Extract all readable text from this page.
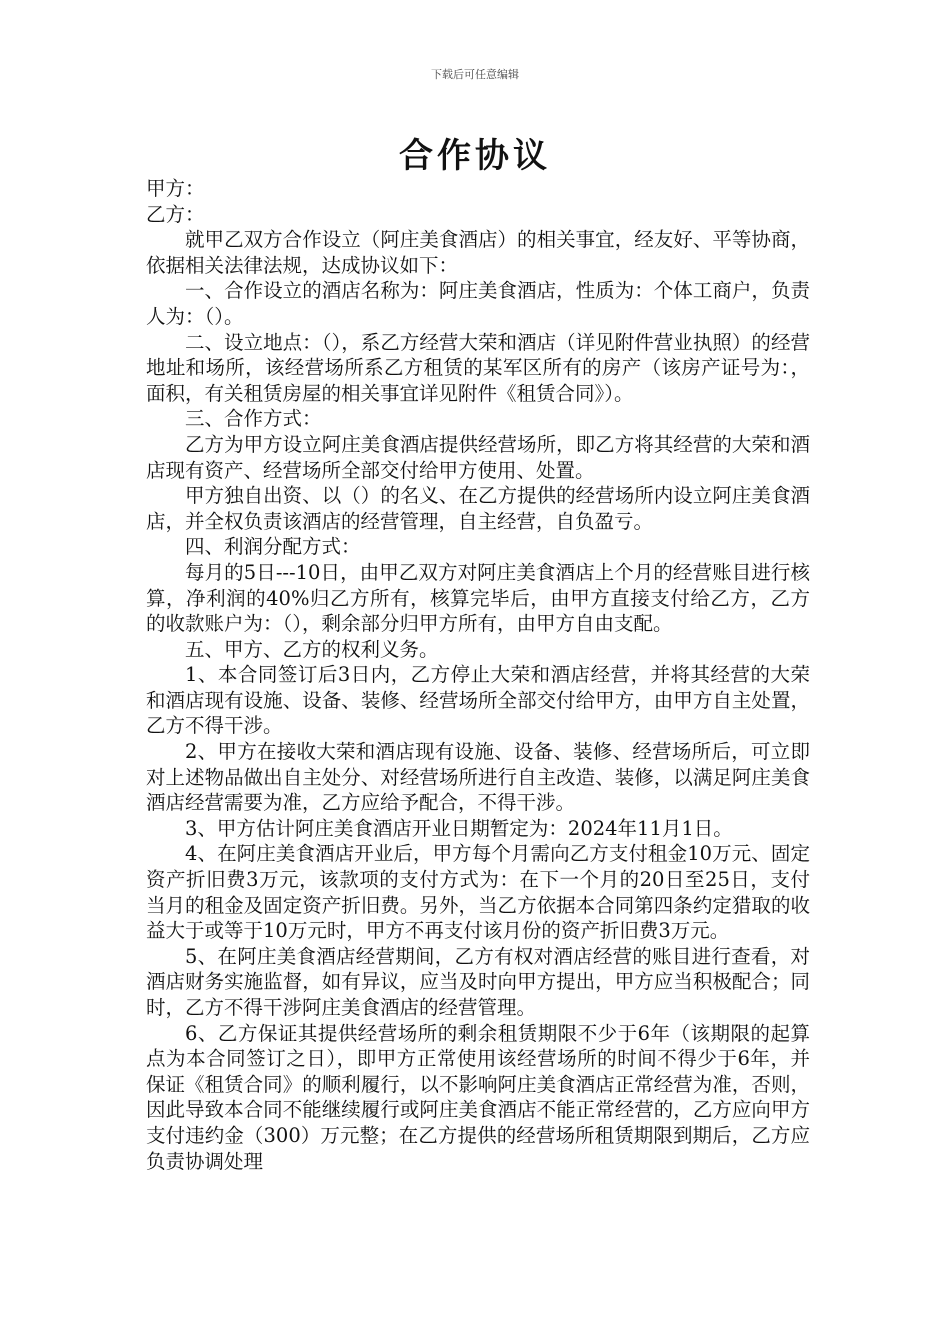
下载后可任意编辑
合作协议

甲方：

乙方：

就甲乙双方合作设立（阿庄美食酒店）的相关事宜，经友好、平等协商，依据相关法律法规，达成协议如下：

一、合作设立的酒店名称为：阿庄美食酒店，性质为：个体工商户，负责人为：（）。

二、设立地点：（），系乙方经营大荣和酒店（详见附件营业执照）的经营地址和场所，该经营场所系乙方租赁的某军区所有的房产（该房产证号为：，面积，有关租赁房屋的相关事宜详见附件《租赁合同》）。

三、合作方式：

乙方为甲方设立阿庄美食酒店提供经营场所，即乙方将其经营的大荣和酒店现有资产、经营场所全部交付给甲方使用、处置。

甲方独自出资、以（）的名义、在乙方提供的经营场所内设立阿庄美食酒店，并全权负责该酒店的经营管理，自主经营，自负盈亏。

四、利润分配方式：

每月的5日---10日，由甲乙双方对阿庄美食酒店上个月的经营账目进行核算，净利润的40%归乙方所有，核算完毕后，由甲方直接支付给乙方，乙方的收款账户为：（），剩余部分归甲方所有，由甲方自由支配。

五、甲方、乙方的权利义务。

1、本合同签订后3日内，乙方停止大荣和酒店经营，并将其经营的大荣和酒店现有设施、设备、装修、经营场所全部交付给甲方，由甲方自主处置，乙方不得干涉。

2、甲方在接收大荣和酒店现有设施、设备、装修、经营场所后，可立即对上述物品做出自主处分、对经营场所进行自主改造、装修，以满足阿庄美食酒店经营需要为准，乙方应给予配合，不得干涉。

3、甲方估计阿庄美食酒店开业日期暂定为：2024年11月1日。

4、在阿庄美食酒店开业后，甲方每个月需向乙方支付租金10万元、固定资产折旧费3万元，该款项的支付方式为：在下一个月的20日至25日，支付当月的租金及固定资产折旧费。另外，当乙方依据本合同第四条约定猎取的收益大于或等于10万元时，甲方不再支付该月份的资产折旧费3万元。

5、在阿庄美食酒店经营期间，乙方有权对酒店经营的账目进行查看，对酒店财务实施监督，如有异议，应当及时向甲方提出，甲方应当积极配合；同时，乙方不得干涉阿庄美食酒店的经营管理。

6、乙方保证其提供经营场所的剩余租赁期限不少于6年（该期限的起算点为本合同签订之日），即甲方正常使用该经营场所的时间不得少于6年，并保证《租赁合同》的顺利履行，以不影响阿庄美食酒店正常经营为准，否则，因此导致本合同不能继续履行或阿庄美食酒店不能正常经营的，乙方应向甲方支付违约金（300）万元整；在乙方提供的经营场所租赁期限到期后，乙方应负责协调处理
